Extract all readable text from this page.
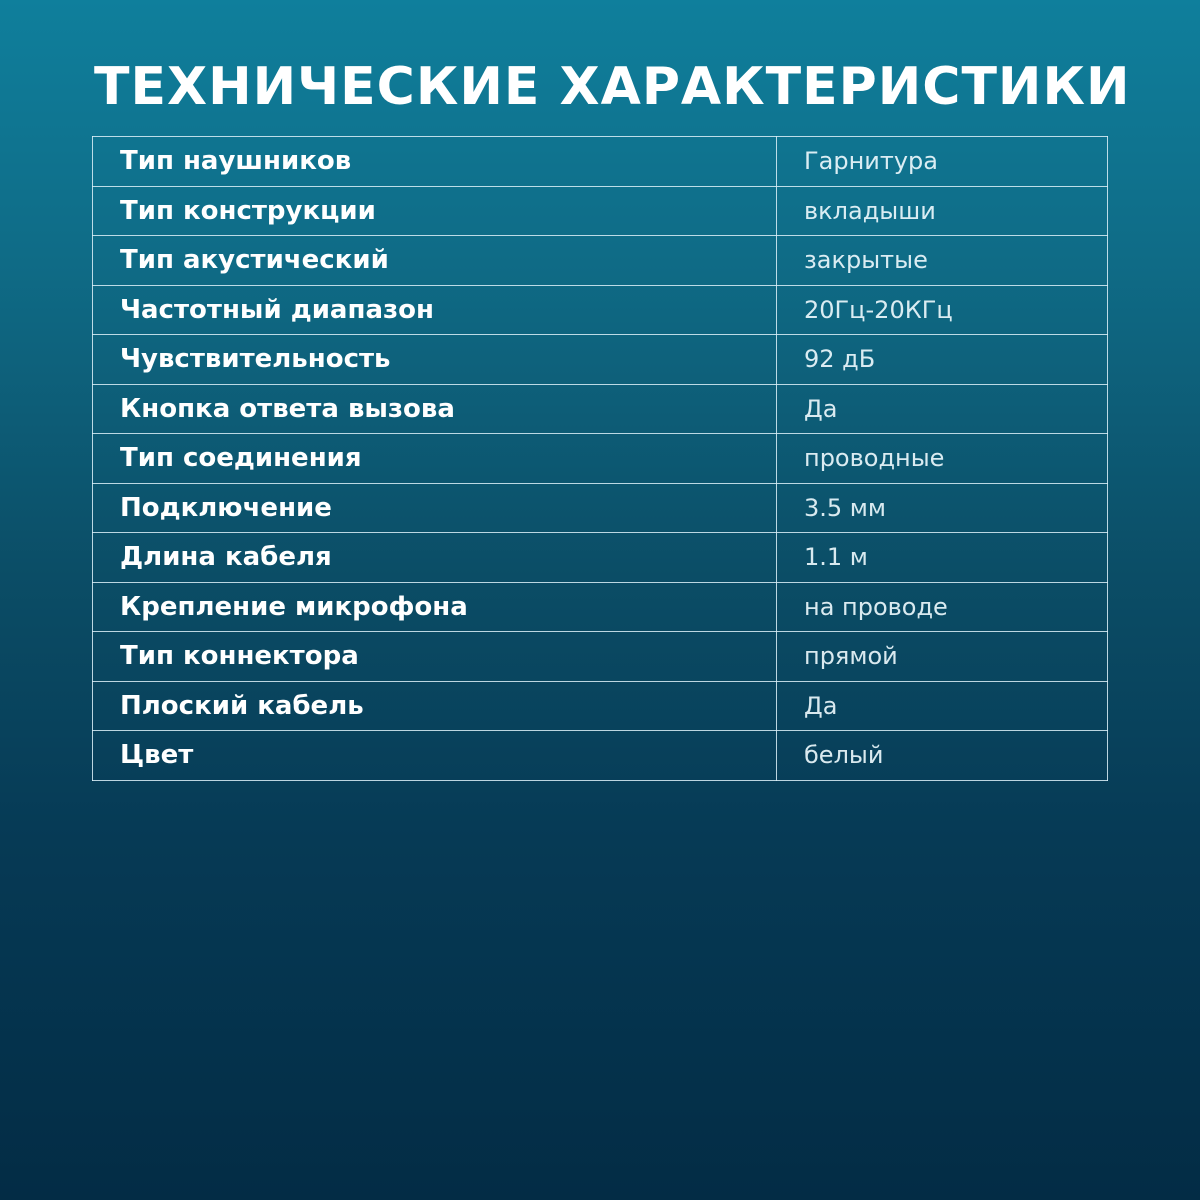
ТЕХНИЧЕСКИЕ ХАРАКТЕРИСТИКИ
Тип наушников	Гарнитура
Тип конструкции	вкладыши
Тип акустический	закрытые
Частотный диапазон	20Гц-20КГц
Чувствительность	92 дБ
Кнопка ответа вызова	Да
Тип соединения	проводные
Подключение	3.5 мм
Длина кабеля	1.1 м
Крепление микрофона	на проводе
Тип коннектора	прямой
Плоский кабель	Да
Цвет	белый
